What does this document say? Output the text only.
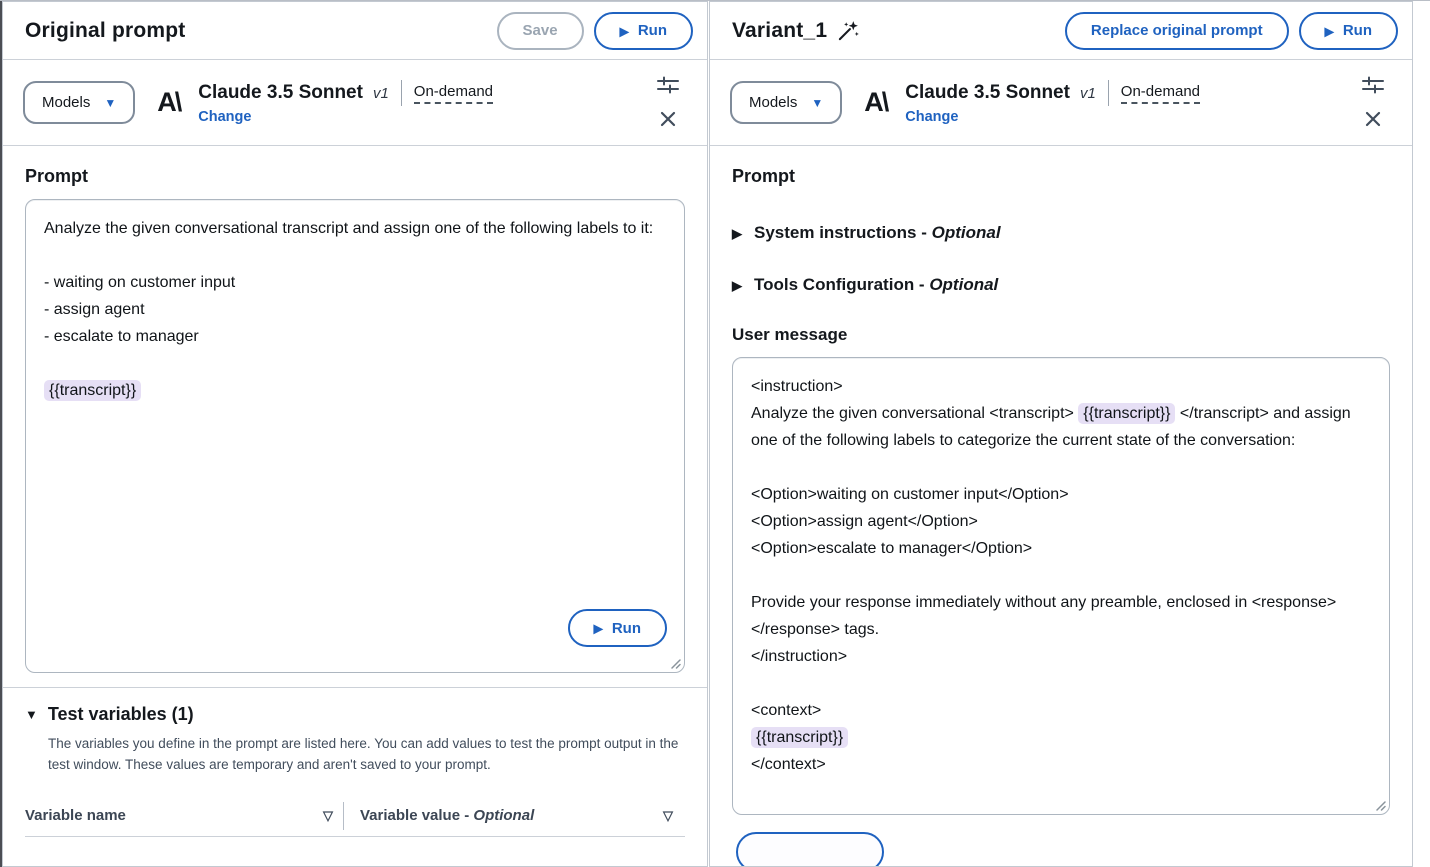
Original prompt	Save	▶ Run
Models ▼ A\ Claude 3.5 Sonnet v1 On-demand
Change
Prompt
Analyze the given conversational transcript and assign one of the following labels to it:

- waiting on customer input
- assign agent
- escalate to manager

{{transcript}}
▶ Run
▼ Test variables (1)

The variables you define in the prompt are listed here. You can add values to test the prompt output in the test window. These values are temporary and aren't saved to your prompt.

Variable name	▽ Variable value - Optional	▽
Variant_1	Replace original prompt	▶ Run
Models ▼ A\ Claude 3.5 Sonnet v1 On-demand
Change
Prompt
▶ System instructions - Optional
▶ Tools Configuration - Optional
User message
<instruction>
Analyze the given conversational <transcript> {{transcript}} </transcript> and assign one of the following labels to categorize the current state of the conversation:

<Option>waiting on customer input</Option>
<Option>assign agent</Option>
<Option>escalate to manager</Option>

Provide your response immediately without any preamble, enclosed in <response></response> tags.
</instruction>

<context>
{{transcript}}
</context>
